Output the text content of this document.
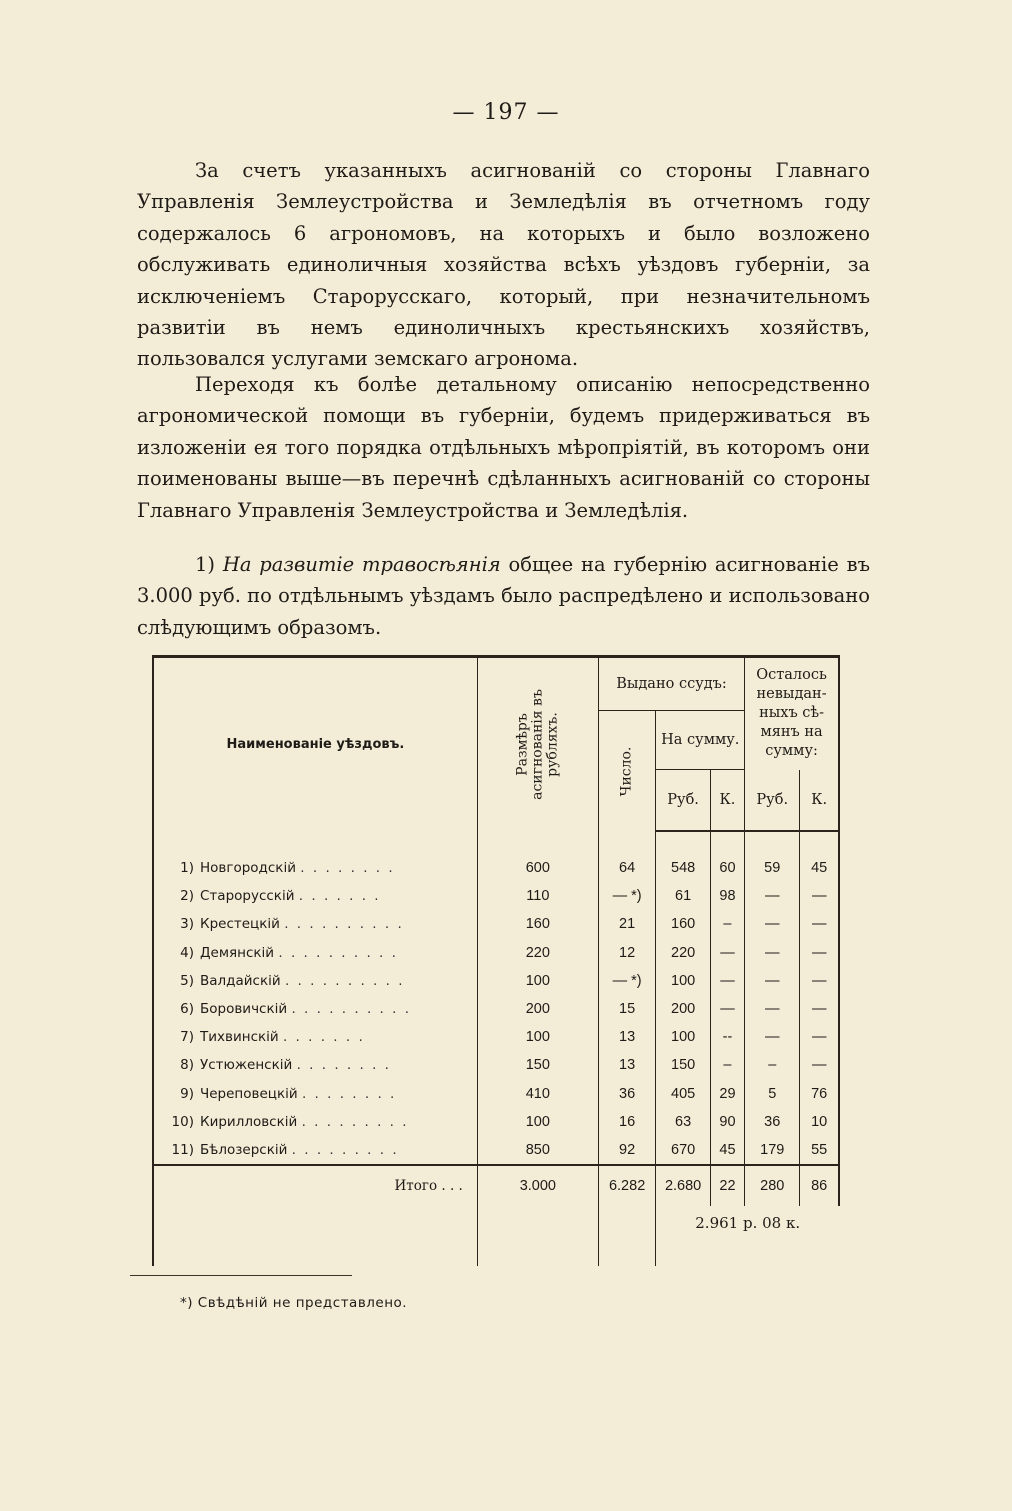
— 197 —

За счетъ указанныхъ асигнованій со стороны Главнаго Управленія Землеустройства и Земледѣлія въ отчетномъ году содержалось 6 агрономовъ, на которыхъ и было возложено обслуживать единоличныя хозяйства всѣхъ уѣздовъ губерніи, за исключеніемъ Старорусскаго, который, при незначительномъ развитіи въ немъ единоличныхъ крестьянскихъ хозяйствъ, пользовался услугами земскаго агронома.

Переходя къ болѣе детальному описанію непосредственно агрономической помощи въ губерніи, будемъ придерживаться въ изложеніи ея того порядка отдѣльныхъ мѣропріятій, въ которомъ они поименованы выше—въ перечнѣ сдѣланныхъ асигнованій со стороны Главнаго Управленія Землеустройства и Земледѣлія.

1) На развитіе травосѣянія общее на губернію асигнованіе въ 3.000 руб. по отдѣльнымъ уѣздамъ было распредѣлено и использовано слѣдующимъ образомъ.

Наименованіе уѣздовъ.	Размѣръ асигнованія въ рубляхъ.	Выдано ссудъ:			Осталось невыдан-ныхъ сѣ-мянъ на сумму:	
		Число.	На сумму.			
			Руб.	К.	Руб.	К.

1) Новгородскій . . . . . . . .	600	64	548	60	59	45
2) Старорусскій . . . . . . .	110	— *)	61	98	—	—
3) Крестецкій . . . . . . . . . .	160	21	160	–	—	—
4) Демянскій . . . . . . . . . .	220	12	220	—	—	—
5) Валдайскій . . . . . . . . . .	100	— *)	100	—	—	—
6) Боровичскій . . . . . . . . . .	200	15	200	—	—	—
7) Тихвинскій . . . . . . .	100	13	100	--	—	—
8) Устюженскій . . . . . . . .	150	13	150	–	–	—
9) Череповецкій . . . . . . . .	410	36	405	29	5	76
10) Кирилловскій . . . . . . . . .	100	16	63	90	36	10
11) Бѣлозерскій . . . . . . . . .	850	92	670	45	179	55
Итого . . .	3.000	6.282	2.680	22	280	86
			2.961 р. 08 к.			
*) Свѣдѣній не представлено.
